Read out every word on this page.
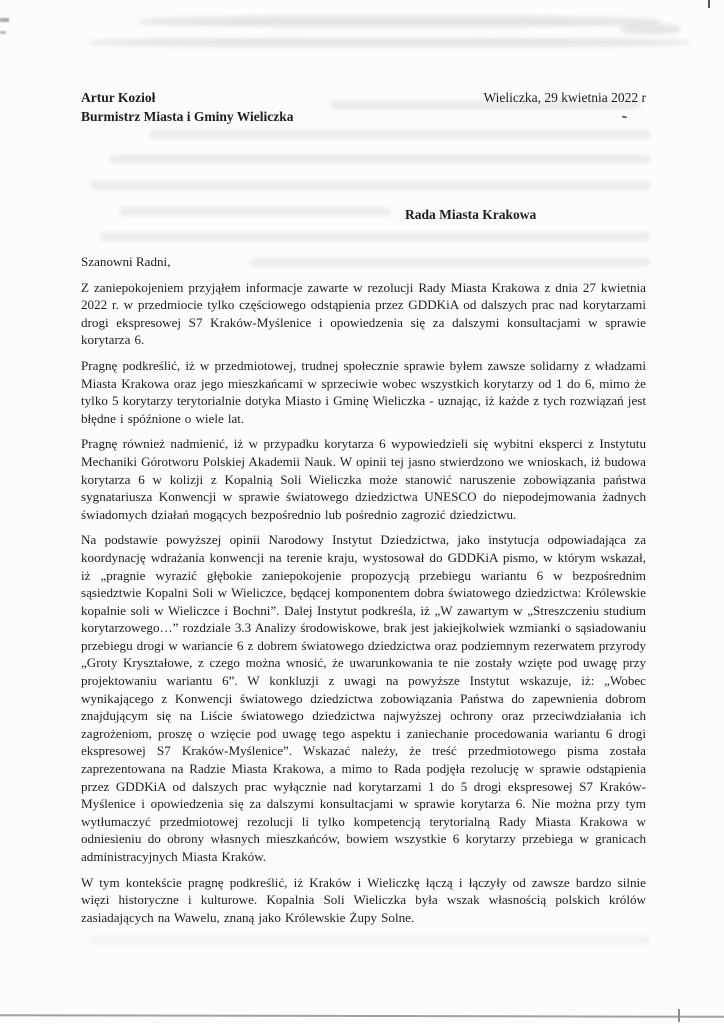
Artur Kozioł
Burmistrz Miasta i Gminy Wieliczka
Wieliczka, 29 kwietnia 2022 r
Rada Miasta Krakowa
Szanowni Radni,

Z zaniepokojeniem przyjąłem informacje zawarte w rezolucji Rady Miasta Krakowa z dnia 27 kwietnia 2022 r. w przedmiocie tylko częściowego odstąpienia przez GDDKiA od dalszych prac nad korytarzami drogi ekspresowej S7 Kraków-Myślenice i opowiedzenia się za dalszymi konsultacjami w sprawie korytarza 6.

Pragnę podkreślić, iż w przedmiotowej, trudnej społecznie sprawie byłem zawsze solidarny z władzami Miasta Krakowa oraz jego mieszkańcami w sprzeciwie wobec wszystkich korytarzy od 1 do 6, mimo że tylko 5 korytarzy terytorialnie dotyka Miasto i Gminę Wieliczka - uznając, iż każde z tych rozwiązań jest błędne i spóźnione o wiele lat.

Pragnę również nadmienić, iż w przypadku korytarza 6 wypowiedzieli się wybitni eksperci z Instytutu Mechaniki Górotworu Polskiej Akademii Nauk. W opinii tej jasno stwierdzono we wnioskach, iż budowa korytarza 6 w kolizji z Kopalnią Soli Wieliczka może stanowić naruszenie zobowiązania państwa sygnatariusza Konwencji w sprawie światowego dziedzictwa UNESCO do niepodejmowania żadnych świadomych działań mogących bezpośrednio lub pośrednio zagrozić dziedzictwu.

Na podstawie powyższej opinii Narodowy Instytut Dziedzictwa, jako instytucja odpowiadająca za koordynację wdrażania konwencji na terenie kraju, wystosował do GDDKiA pismo, w którym wskazał, iż „pragnie wyrazić głębokie zaniepokojenie propozycją przebiegu wariantu 6 w bezpośrednim sąsiedztwie Kopalni Soli w Wieliczce, będącej komponentem dobra światowego dziedzictwa: Królewskie kopalnie soli w Wieliczce i Bochni”. Dalej Instytut podkreśla, iż „W zawartym w „Streszczeniu studium korytarzowego…” rozdziale 3.3 Analizy środowiskowe, brak jest jakiejkolwiek wzmianki o sąsiadowaniu przebiegu drogi w wariancie 6 z dobrem światowego dziedzictwa oraz podziemnym rezerwatem przyrody „Groty Kryształowe, z czego można wnosić, że uwarunkowania te nie zostały wzięte pod uwagę przy projektowaniu wariantu 6”. W konkluzji z uwagi na powyższe Instytut wskazuje, iż: „Wobec wynikającego z Konwencji światowego dziedzictwa zobowiązania Państwa do zapewnienia dobrom znajdującym się na Liście światowego dziedzictwa najwyższej ochrony oraz przeciwdziałania ich zagrożeniom, proszę o wzięcie pod uwagę tego aspektu i zaniechanie procedowania wariantu 6 drogi ekspresowej S7 Kraków-Myślenice”. Wskazać należy, że treść przedmiotowego pisma została zaprezentowana na Radzie Miasta Krakowa, a mimo to Rada podjęła rezolucję w sprawie odstąpienia przez GDDKiA od dalszych prac wyłącznie nad korytarzami 1 do 5 drogi ekspresowej S7 Kraków-Myślenice i opowiedzenia się za dalszymi konsultacjami w sprawie korytarza 6. Nie można przy tym wytłumaczyć przedmiotowej rezolucji li tylko kompetencją terytorialną Rady Miasta Krakowa w odniesieniu do obrony własnych mieszkańców, bowiem wszystkie 6 korytarzy przebiega w granicach administracyjnych Miasta Kraków.

W tym kontekście pragnę podkreślić, iż Kraków i Wieliczkę łączą i łączyły od zawsze bardzo silnie więzi historyczne i kulturowe. Kopalnia Soli Wieliczka była wszak własnością polskich królów zasiadających na Wawelu, znaną jako Królewskie Żupy Solne.
